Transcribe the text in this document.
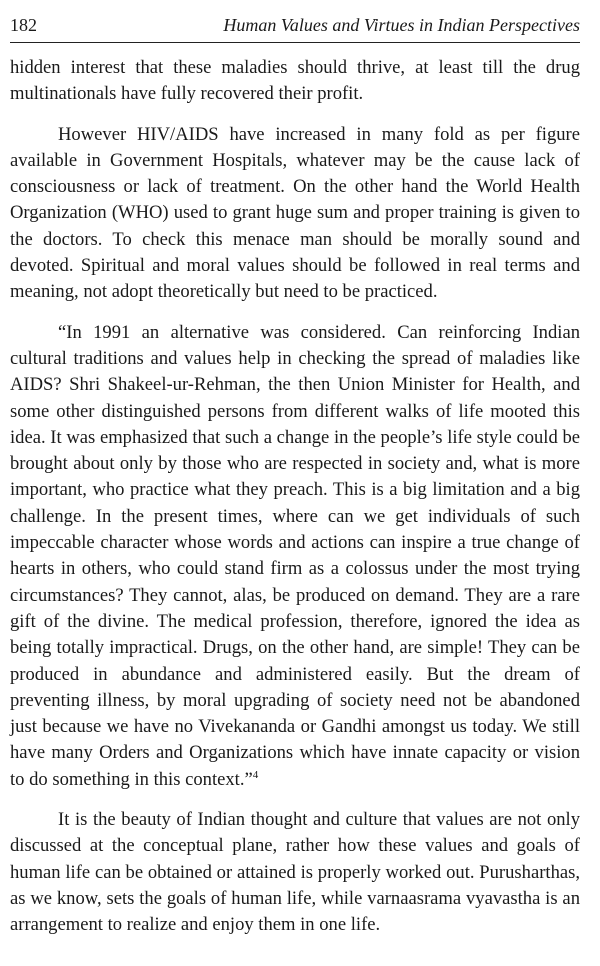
182	Human Values and Virtues in Indian Perspectives

hidden interest that these maladies should thrive, at least till the drug multinationals have fully recovered their profit.

However HIV/AIDS have increased in many fold as per figure available in Government Hospitals, whatever may be the cause lack of consciousness or lack of treatment. On the other hand the World Health Organization (WHO) used to grant huge sum and proper training is given to the doctors. To check this menace man should be morally sound and devoted. Spiritual and moral values should be followed in real terms and meaning, not adopt theoretically but need to be practiced.

“In 1991 an alternative was considered. Can reinforcing Indian cultural traditions and values help in checking the spread of maladies like AIDS? Shri Shakeel-ur-Rehman, the then Union Minister for Health, and some other distinguished persons from different walks of life mooted this idea. It was emphasized that such a change in the people’s life style could be brought about only by those who are respected in society and, what is more important, who practice what they preach. This is a big limitation and a big challenge. In the present times, where can we get individuals of such impeccable character whose words and actions can inspire a true change of hearts in others, who could stand firm as a colossus under the most trying circumstances? They cannot, alas, be produced on demand. They are a rare gift of the divine. The medical profession, therefore, ignored the idea as being totally impractical. Drugs, on the other hand, are simple! They can be produced in abundance and administered easily. But the dream of preventing illness, by moral upgrading of society need not be abandoned just because we have no Vivekananda or Gandhi amongst us today. We still have many Orders and Organizations which have innate capacity or vision to do something in this context.”$^4$

It is the beauty of Indian thought and culture that values are not only discussed at the conceptual plane, rather how these values and goals of human life can be obtained or attained is properly worked out. Purusharthas, as we know, sets the goals of human life, while varnaasrama vyavastha is an arrangement to realize and enjoy them in one life.
